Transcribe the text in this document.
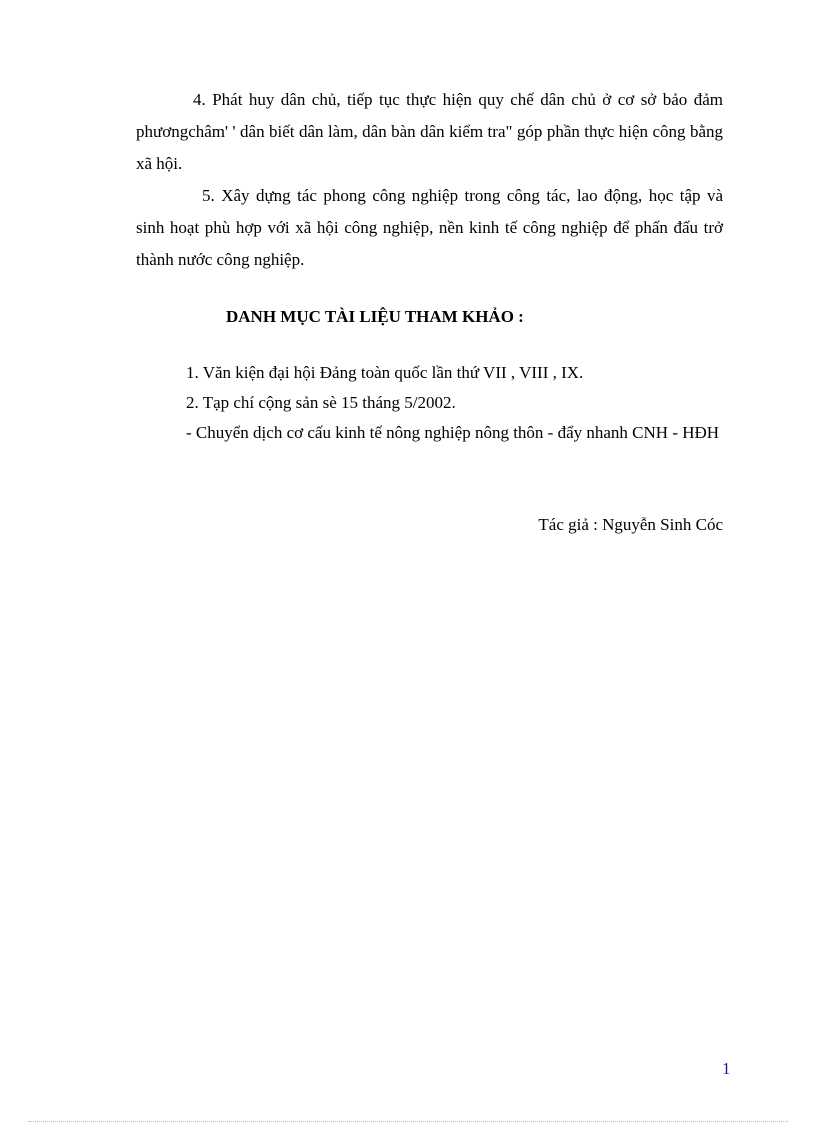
4. Phát huy dân chủ, tiếp tục thực hiện quy chế dân chủ ở cơ sở bảo đảm phươngchâm' ' dân biết dân làm, dân bàn dân kiểm tra" góp phần thực hiện công bằng xã hội.

5. Xây dựng tác phong công nghiệp trong công tác, lao động, học tập và sinh hoạt phù hợp với xã hội công nghiệp, nền kinh tế công nghiệp để phấn đấu trở thành nước công nghiệp.

DANH MỤC TÀI LIỆU THAM KHẢO :

1. Văn kiện đại hội Đảng toàn quốc lần thứ VII , VIII , IX.

2. Tạp chí cộng sản sè 15 tháng 5/2002.

- Chuyển dịch cơ cấu kinh tế nông nghiệp nông thôn - đẩy nhanh CNH - HĐH

Tác giả : Nguyễn Sinh Cóc
1
